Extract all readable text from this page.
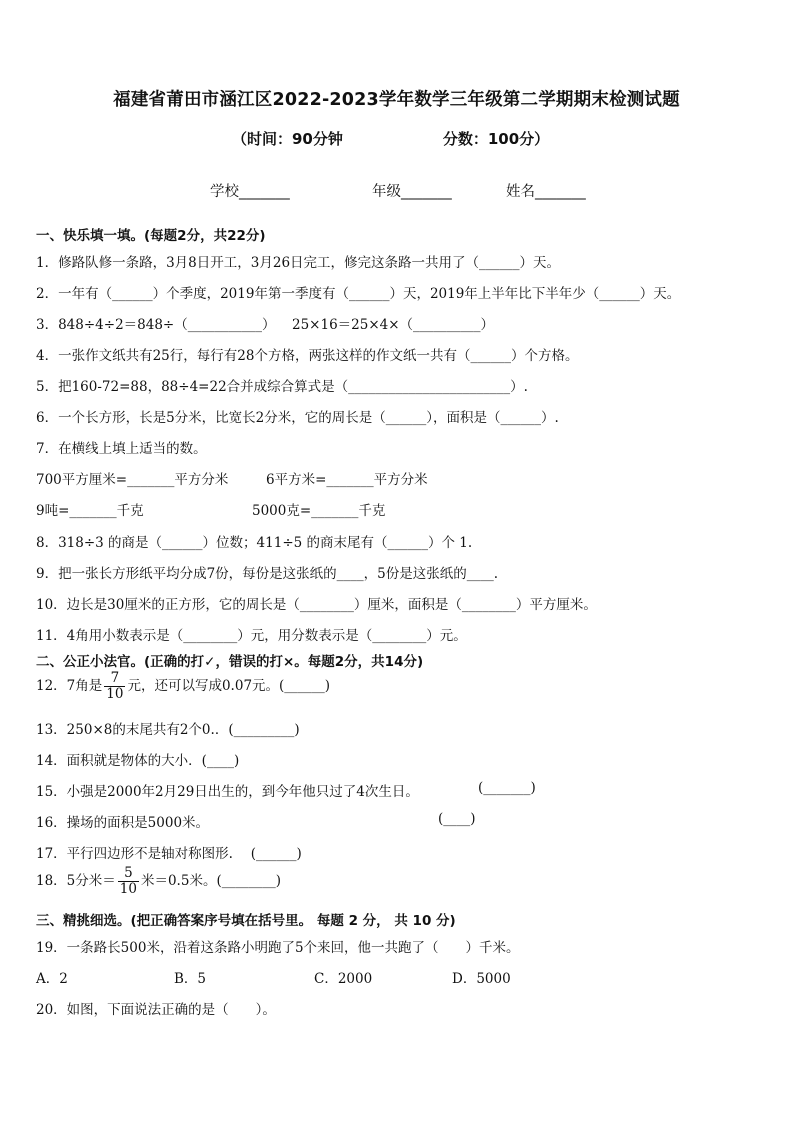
福建省莆田市涵江区2022-2023学年数学三年级第二学期期末检测试题
（时间：90分钟	分数：100分）
学校_______	年级_______	姓名_______
一、快乐填一填。(每题2分，共22分)
1．修路队修一条路，3月8日开工，3月26日完工，修完这条路一共用了（______）天。
2．一年有（______）个季度，2019年第一季度有（______）天，2019年上半年比下半年少（______）天。
3．848÷4÷2＝848÷（___________） 25×16＝25×4×（__________）
4．一张作文纸共有25行，每行有28个方格，两张这样的作文纸一共有（______）个方格。
5．把160-72=88，88÷4=22合并成综合算式是（________________________）.
6．一个长方形，长是5分米，比宽长2分米，它的周长是（______），面积是（______）.
7．在横线上填上适当的数。
700平方厘米=_______平方分米	6平方米=_______平方分米
9吨=_______千克	5000克=_______千克
8．318÷3 的商是（______）位数；411÷5 的商末尾有（______）个 1.
9．把一张长方形纸平均分成7份，每份是这张纸的____，5份是这张纸的____.
10．边长是30厘米的正方形，它的周长是（________）厘米，面积是（________）平方厘米。
11．4角用小数表示是（________）元，用分数表示是（________）元。
二、公正小法官。(正确的打✓，错误的打×。每题2分，共14分)
12．7角是 $\frac{7}{10}$ 元，还可以写成0.07元。(______)
13．250×8的末尾共有2个0.．(_________)
14．面积就是物体的大小．(____)
15．小强是2000年2月29日出生的，到今年他只过了4次生日。	(_______)
16．操场的面积是5000米。	(____)
17．平行四边形不是轴对称图形.　 (______)
18．5分米＝ $\frac{5}{10}$ 米＝0.5米。(________)
三、精挑细选。(把正确答案序号填在括号里。 每题 2 分， 共 10 分)
19．一条路长500米，沿着这条路小明跑了5个来回，他一共跑了（　　）千米。
A．2	B．5	C．2000	D．5000
20．如图，下面说法正确的是（　　）。
